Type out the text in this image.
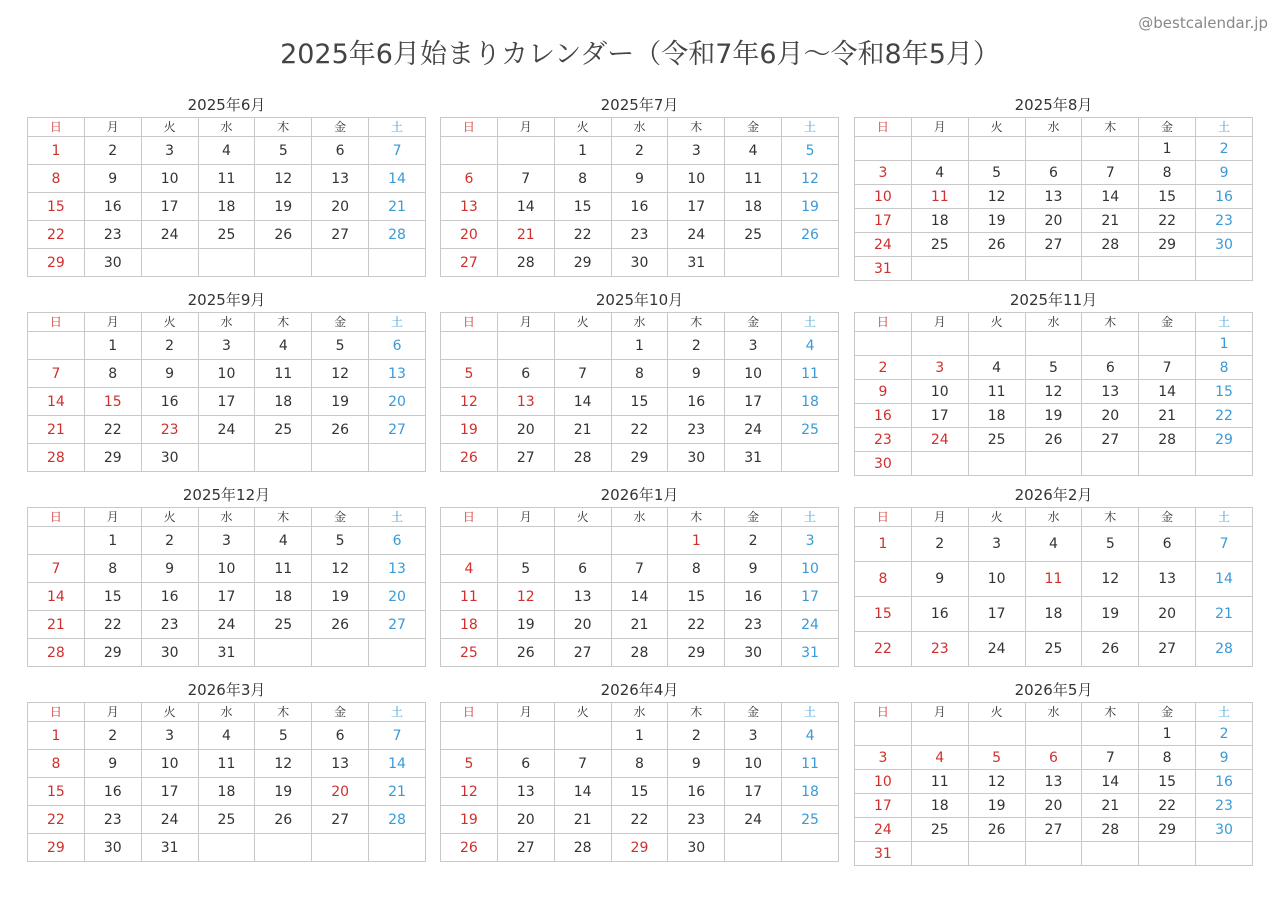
@bestcalendar.jp
2025年6月始まりカレンダー（令和7年6月〜令和8年5月）
2025年6月
日	月	火	水	木	金	土
1	2	3	4	5	6	7
8	9	10	11	12	13	14
15	16	17	18	19	20	21
22	23	24	25	26	27	28
29	30					
2025年7月
日	月	火	水	木	金	土
		1	2	3	4	5
6	7	8	9	10	11	12
13	14	15	16	17	18	19
20	21	22	23	24	25	26
27	28	29	30	31		
2025年8月
日	月	火	水	木	金	土
					1	2
3	4	5	6	7	8	9
10	11	12	13	14	15	16
17	18	19	20	21	22	23
24	25	26	27	28	29	30
31						
2025年9月
日	月	火	水	木	金	土
	1	2	3	4	5	6
7	8	9	10	11	12	13
14	15	16	17	18	19	20
21	22	23	24	25	26	27
28	29	30				
2025年10月
日	月	火	水	木	金	土
			1	2	3	4
5	6	7	8	9	10	11
12	13	14	15	16	17	18
19	20	21	22	23	24	25
26	27	28	29	30	31	
2025年11月
日	月	火	水	木	金	土
						1
2	3	4	5	6	7	8
9	10	11	12	13	14	15
16	17	18	19	20	21	22
23	24	25	26	27	28	29
30						
2025年12月
日	月	火	水	木	金	土
	1	2	3	4	5	6
7	8	9	10	11	12	13
14	15	16	17	18	19	20
21	22	23	24	25	26	27
28	29	30	31			
2026年1月
日	月	火	水	木	金	土
				1	2	3
4	5	6	7	8	9	10
11	12	13	14	15	16	17
18	19	20	21	22	23	24
25	26	27	28	29	30	31
2026年2月
日	月	火	水	木	金	土
1	2	3	4	5	6	7
8	9	10	11	12	13	14
15	16	17	18	19	20	21
22	23	24	25	26	27	28
2026年3月
日	月	火	水	木	金	土
1	2	3	4	5	6	7
8	9	10	11	12	13	14
15	16	17	18	19	20	21
22	23	24	25	26	27	28
29	30	31				
2026年4月
日	月	火	水	木	金	土
			1	2	3	4
5	6	7	8	9	10	11
12	13	14	15	16	17	18
19	20	21	22	23	24	25
26	27	28	29	30		
2026年5月
日	月	火	水	木	金	土
					1	2
3	4	5	6	7	8	9
10	11	12	13	14	15	16
17	18	19	20	21	22	23
24	25	26	27	28	29	30
31						
